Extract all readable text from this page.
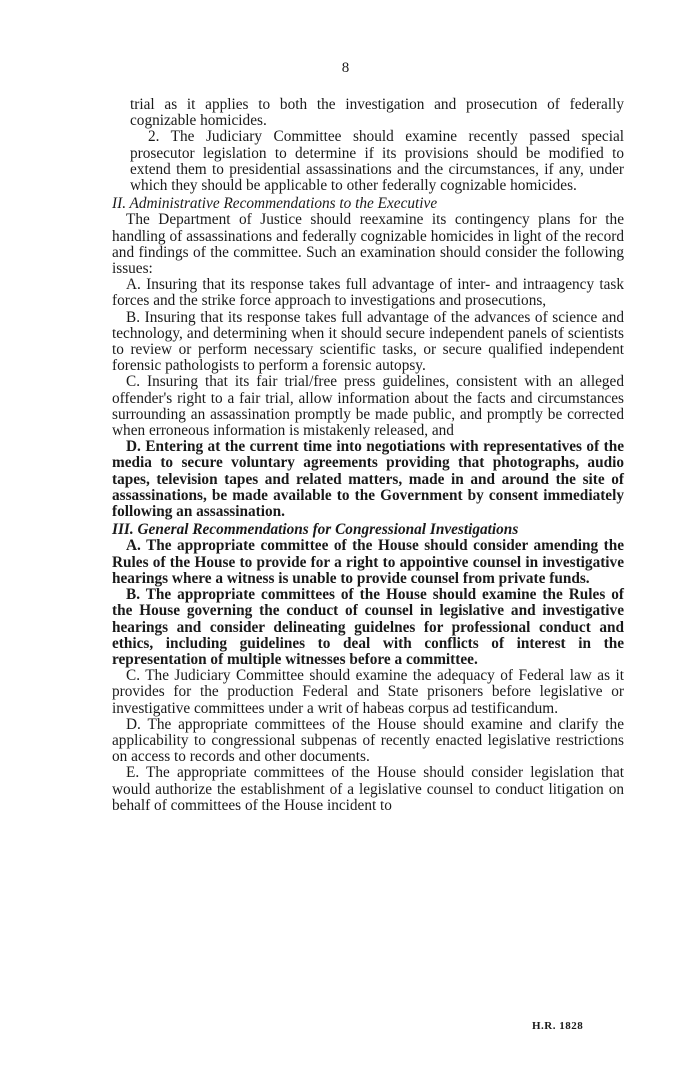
8

trial as it applies to both the investigation and prosecution of federally cognizable homicides.

2. The Judiciary Committee should examine recently passed special prosecutor legislation to determine if its provisions should be modified to extend them to presidential assassinations and the circumstances, if any, under which they should be applicable to other federally cognizable homicides.

II. Administrative Recommendations to the Executive

The Department of Justice should reexamine its contingency plans for the handling of assassinations and federally cognizable homicides in light of the record and findings of the committee. Such an examination should consider the following issues:

A. Insuring that its response takes full advantage of inter- and intraagency task forces and the strike force approach to investigations and prosecutions,

B. Insuring that its response takes full advantage of the advances of science and technology, and determining when it should secure independent panels of scientists to review or perform necessary scientific tasks, or secure qualified independent forensic pathologists to perform a forensic autopsy.

C. Insuring that its fair trial/free press guidelines, consistent with an alleged offender's right to a fair trial, allow information about the facts and circumstances surrounding an assassination promptly be made public, and promptly be corrected when erroneous information is mistakenly released, and

D. Entering at the current time into negotiations with representatives of the media to secure voluntary agreements providing that photographs, audio tapes, television tapes and related matters, made in and around the site of assassinations, be made available to the Government by consent immediately following an assassination.

III. General Recommendations for Congressional Investigations

A. The appropriate committee of the House should consider amending the Rules of the House to provide for a right to appointive counsel in investigative hearings where a witness is unable to provide counsel from private funds.

B. The appropriate committees of the House should examine the Rules of the House governing the conduct of counsel in legislative and investigative hearings and consider delineating guidelnes for professional conduct and ethics, including guidelines to deal with conflicts of interest in the representation of multiple witnesses before a committee.

C. The Judiciary Committee should examine the adequacy of Federal law as it provides for the production Federal and State prisoners before legislative or investigative committees under a writ of habeas corpus ad testificandum.

D. The appropriate committees of the House should examine and clarify the applicability to congressional subpenas of recently enacted legislative restrictions on access to records and other documents.

E. The appropriate committees of the House should consider legislation that would authorize the establishment of a legislative counsel to conduct litigation on behalf of committees of the House incident to

H.R. 1828
